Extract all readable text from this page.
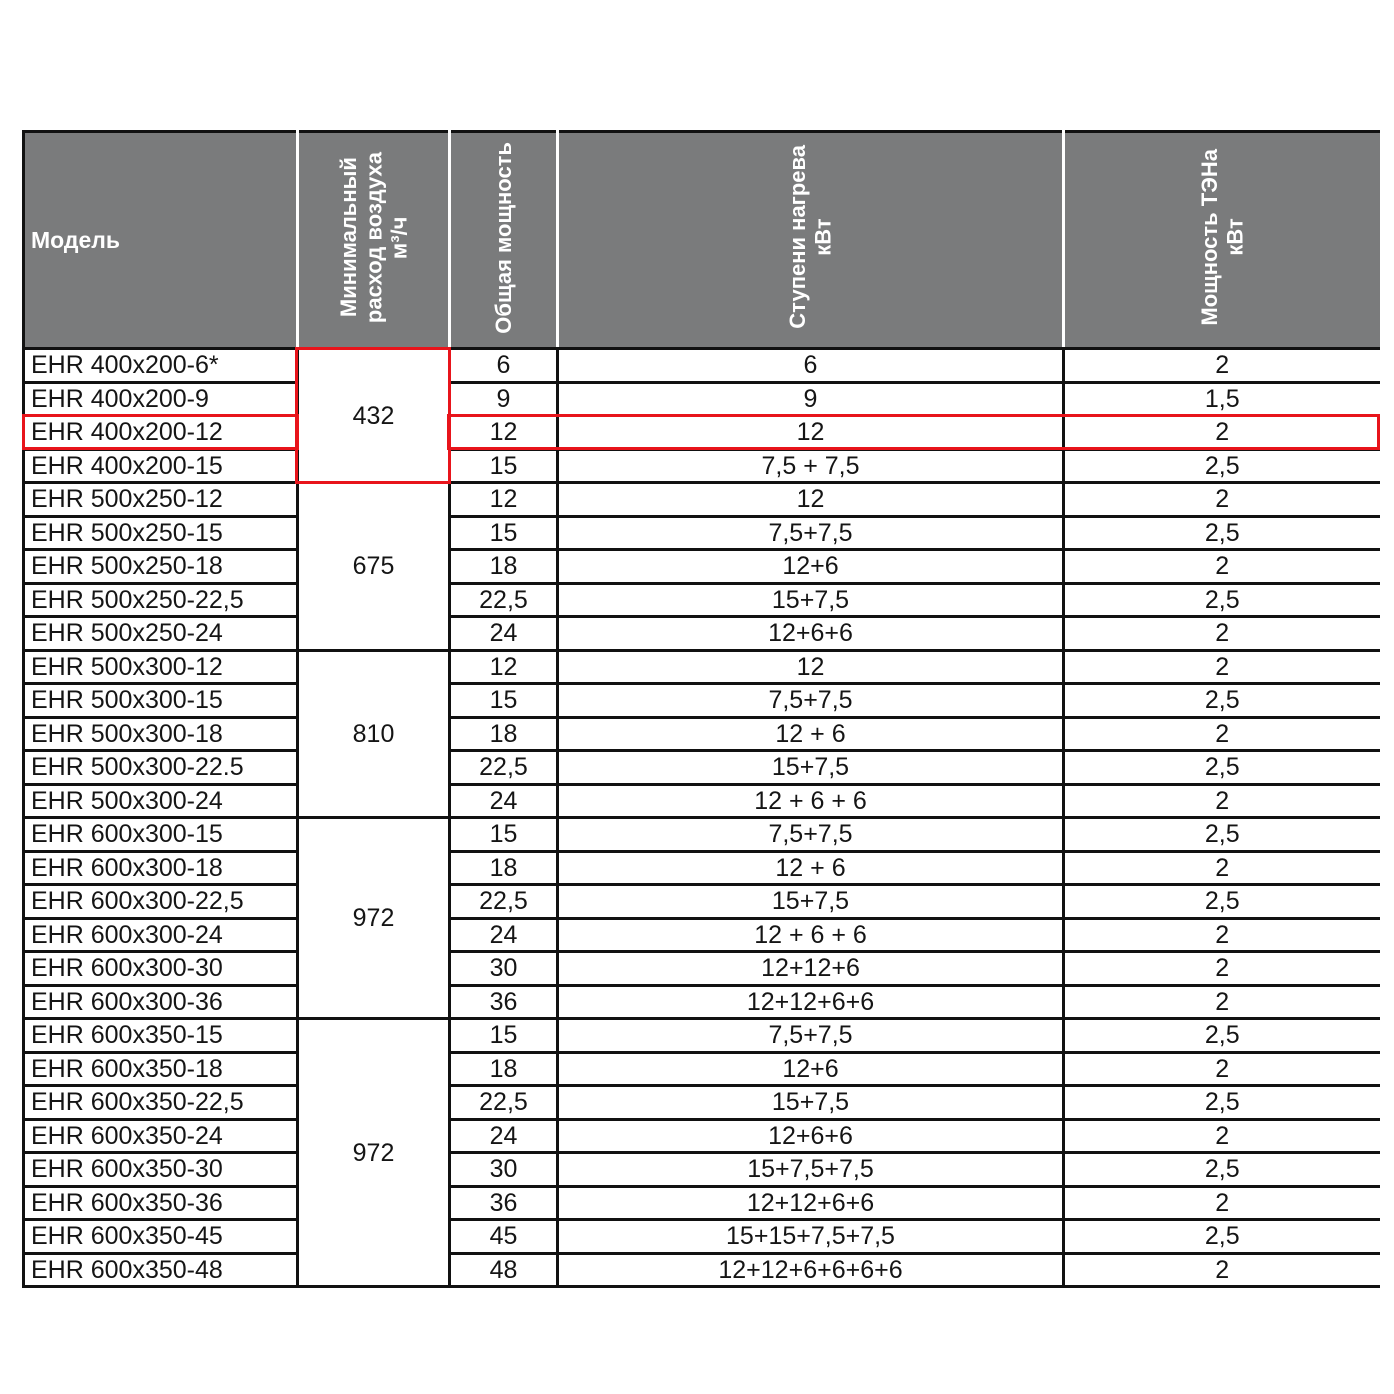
Модель	Минимальный расход воздуха м³/ч	Общая мощность	Ступени нагрева кВт	Мощность ТЭНа кВт

EHR 400x200-6*	432	6	6	2
EHR 400x200-9		9	9	1,5
EHR 400x200-12		12	12	2
EHR 400x200-15		15	7,5 + 7,5	2,5
EHR 500x250-12	675	12	12	2
EHR 500x250-15		15	7,5+7,5	2,5
EHR 500x250-18		18	12+6	2
EHR 500x250-22,5		22,5	15+7,5	2,5
EHR 500x250-24		24	12+6+6	2
EHR 500x300-12	810	12	12	2
EHR 500x300-15		15	7,5+7,5	2,5
EHR 500x300-18		18	12 + 6	2
EHR 500x300-22.5		22,5	15+7,5	2,5
EHR 500x300-24		24	12 + 6 + 6	2
EHR 600x300-15	972	15	7,5+7,5	2,5
EHR 600x300-18		18	12 + 6	2
EHR 600x300-22,5		22,5	15+7,5	2,5
EHR 600x300-24		24	12 + 6 + 6	2
EHR 600x300-30		30	12+12+6	2
EHR 600x300-36		36	12+12+6+6	2
EHR 600x350-15	972	15	7,5+7,5	2,5
EHR 600x350-18		18	12+6	2
EHR 600x350-22,5		22,5	15+7,5	2,5
EHR 600x350-24		24	12+6+6	2
EHR 600x350-30		30	15+7,5+7,5	2,5
EHR 600x350-36		36	12+12+6+6	2
EHR 600x350-45		45	15+15+7,5+7,5	2,5
EHR 600x350-48		48	12+12+6+6+6+6	2
